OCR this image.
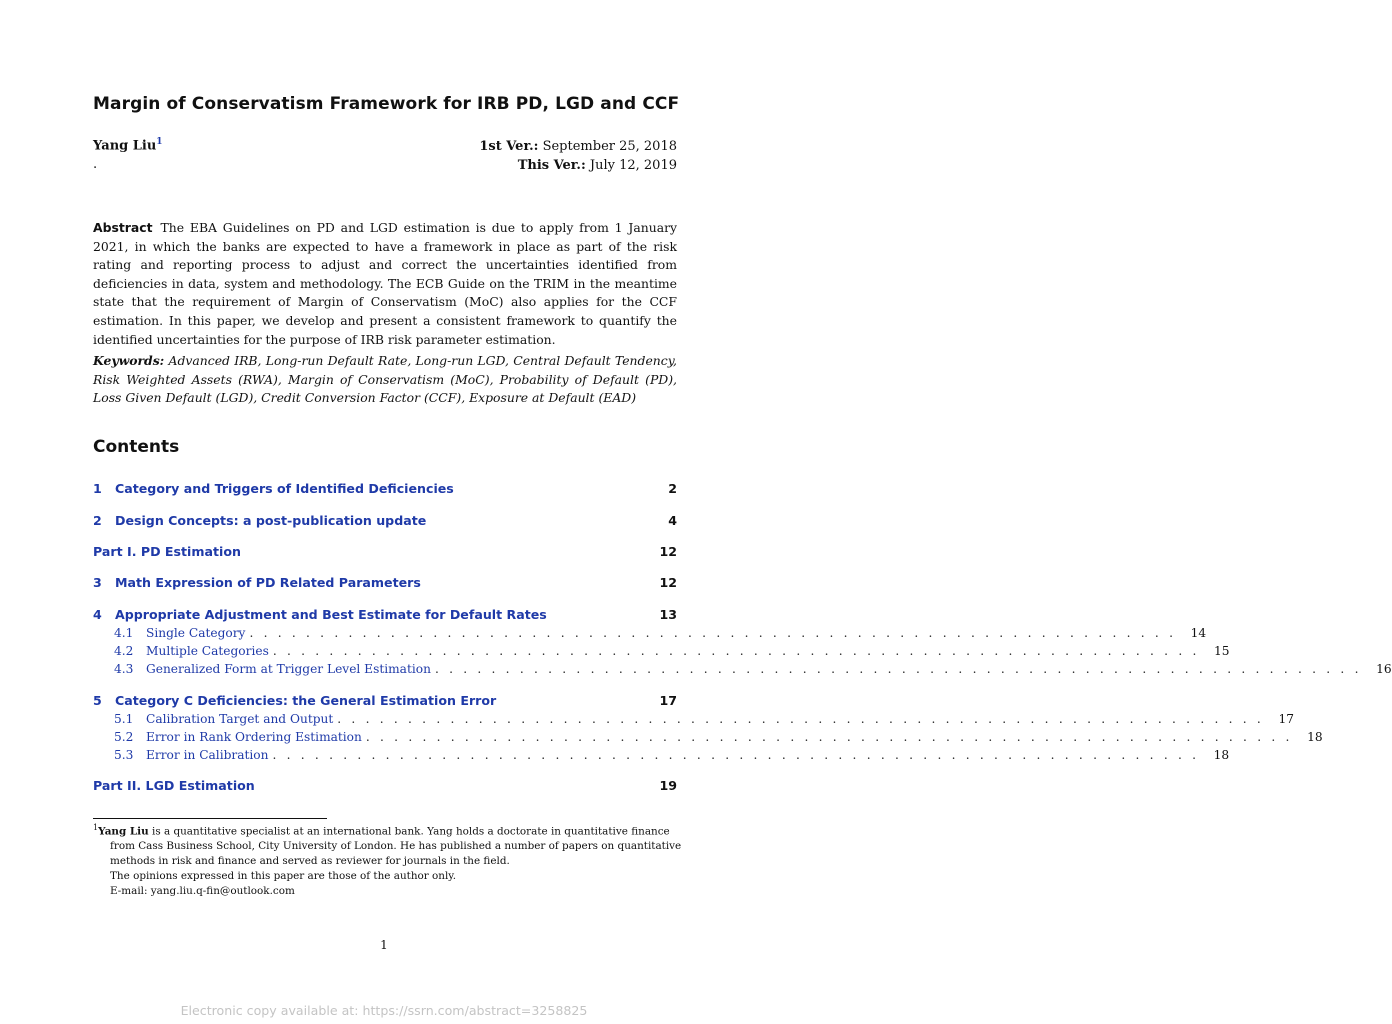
Margin of Conservatism Framework for IRB PD, LGD and CCF
Yang Liu$^1$
.
1st Ver.: September 25, 2018
This Ver.: July 12, 2019
Abstract The EBA Guidelines on PD and LGD estimation is due to apply from 1 January 2021, in which the banks are expected to have a framework in place as part of the risk rating and reporting process to adjust and correct the uncertainties identified from deficiencies in data, system and methodology. The ECB Guide on the TRIM in the meantime state that the requirement of Margin of Conservatism (MoC) also applies for the CCF estimation. In this paper, we develop and present a consistent framework to quantify the identified uncertainties for the purpose of IRB risk parameter estimation.
Keywords: Advanced IRB, Long-run Default Rate, Long-run LGD, Central Default Tendency, Risk Weighted Assets (RWA), Margin of Conservatism (MoC), Probability of Default (PD), Loss Given Default (LGD), Credit Conversion Factor (CCF), Exposure at Default (EAD)
Contents
1 Category and Triggers of Identified Deficiencies	2
2 Design Concepts: a post-publication update	4
Part I. PD Estimation	12
3 Math Expression of PD Related Parameters	12
4 Appropriate Adjustment and Best Estimate for Default Rates	13
4.1	Single Category . . . . . . . . . . . . . . . . . . . . . . . . . . . . . . . . . . . . . . . . . . . . . . . . . . . . . . . . . . . . . . . . . .	14
4.2	Multiple Categories . . . . . . . . . . . . . . . . . . . . . . . . . . . . . . . . . . . . . . . . . . . . . . . . . . . . . . . . . . . . . . . . . .	15
4.3	Generalized Form at Trigger Level Estimation . . . . . . . . . . . . . . . . . . . . . . . . . . . . . . . . . . . . . . . . . . . . . . . . . . . . . . . . . . . . . . . . . .	16
5 Category C Deficiencies: the General Estimation Error	17
5.1	Calibration Target and Output . . . . . . . . . . . . . . . . . . . . . . . . . . . . . . . . . . . . . . . . . . . . . . . . . . . . . . . . . . . . . . . . . .	17
5.2	Error in Rank Ordering Estimation . . . . . . . . . . . . . . . . . . . . . . . . . . . . . . . . . . . . . . . . . . . . . . . . . . . . . . . . . . . . . . . . . .	18
5.3	Error in Calibration . . . . . . . . . . . . . . . . . . . . . . . . . . . . . . . . . . . . . . . . . . . . . . . . . . . . . . . . . . . . . . . . . .	18
Part II. LGD Estimation	19
$^1$Yang Liu is a quantitative specialist at an international bank. Yang holds a doctorate in quantitative finance
from Cass Business School, City University of London. He has published a number of papers on quantitative
methods in risk and finance and served as reviewer for journals in the field.
The opinions expressed in this paper are those of the author only.
E-mail: yang.liu.q-fin@outlook.com
1
Electronic copy available at: https://ssrn.com/abstract=3258825
